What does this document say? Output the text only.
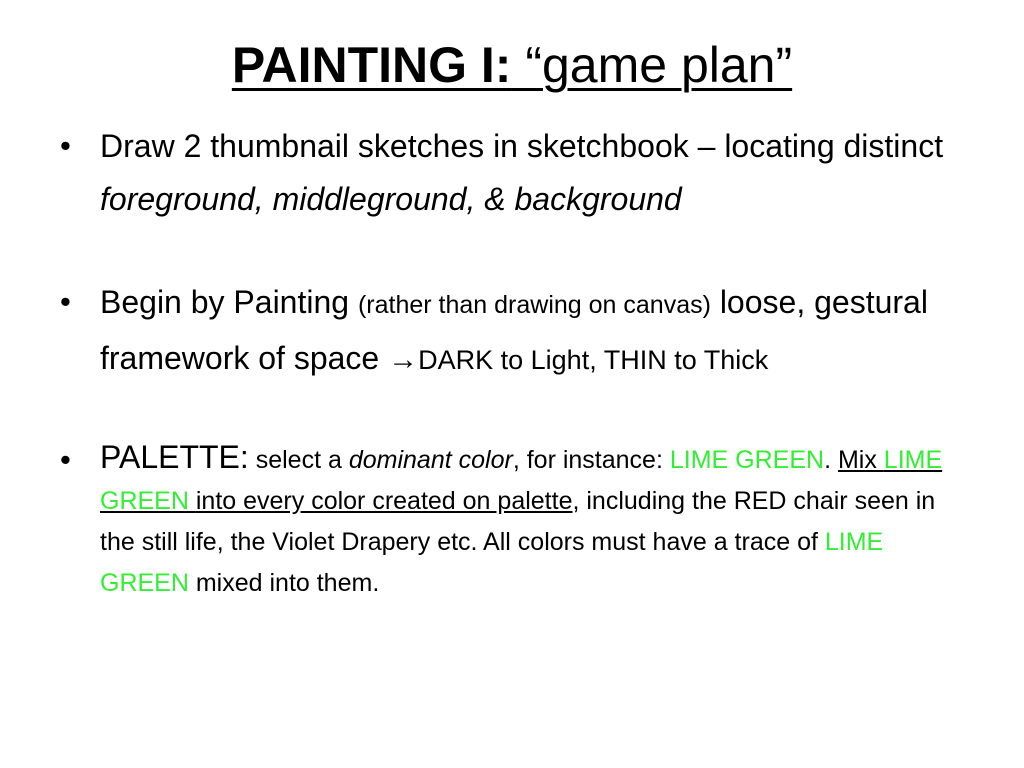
PAINTING I: “game plan”
• Draw 2 thumbnail sketches in sketchbook – locating distinct foreground, middleground, & background
• Begin by Painting (rather than drawing on canvas) loose, gestural framework of space →DARK to Light, THIN to Thick
• PALETTE: select a dominant color, for instance: LIME GREEN. Mix LIME GREEN into every color created on palette, including the RED chair seen in the still life, the Violet Drapery etc. All colors must have a trace of LIME GREEN mixed into them.
